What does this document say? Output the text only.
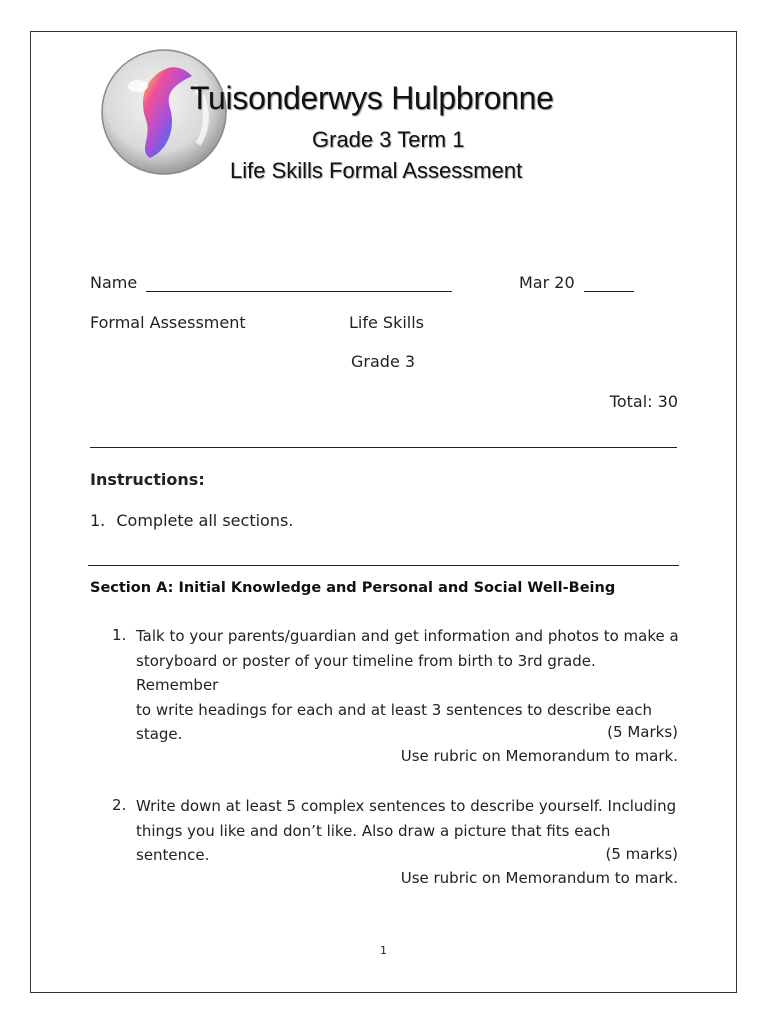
Tuisonderwys Hulpbronne
Grade 3 Term 1
Life Skills Formal Assessment
Name	Mar 20
Formal Assessment	Life Skills
Grade 3
Total: 30
Instructions:
1. Complete all sections.
Section A: Initial Knowledge and Personal and Social Well-Being
1. Talk to your parents/guardian and get information and photos to make a
storyboard or poster of your timeline from birth to 3rd grade. Remember
to write headings for each and at least 3 sentences to describe each
stage.	(5 Marks)
Use rubric on Memorandum to mark.
2. Write down at least 5 complex sentences to describe yourself. Including
things you like and don’t like. Also draw a picture that fits each sentence.	(5 marks)
Use rubric on Memorandum to mark.
1
